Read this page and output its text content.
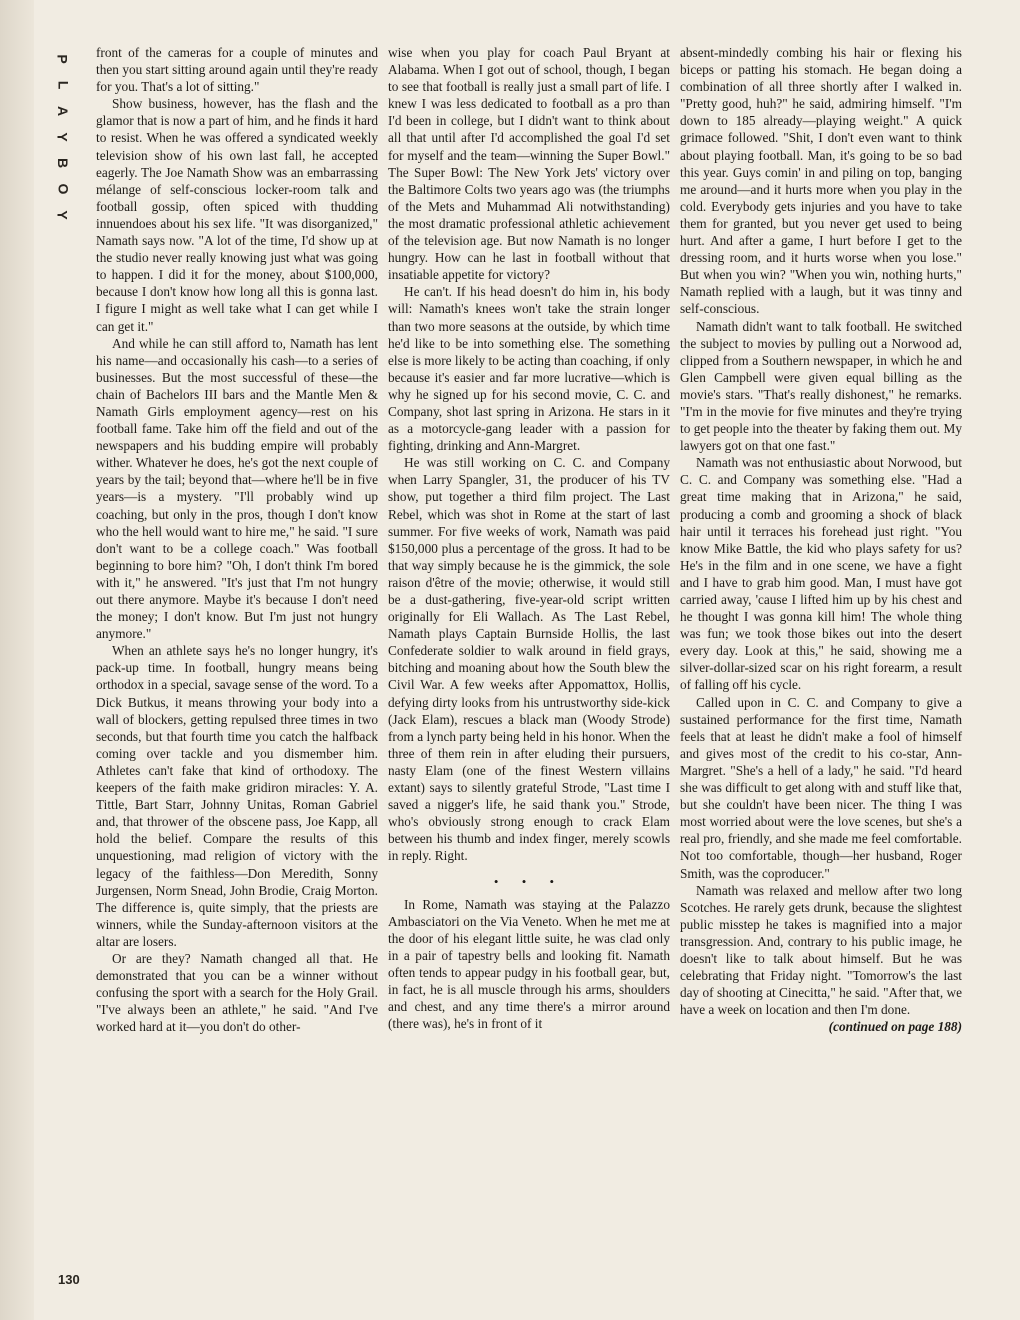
P
L
A
Y
B
O
Y

front of the cameras for a couple of minutes and then you start sitting around again until they're ready for you. That's a lot of sitting."

Show business, however, has the flash and the glamor that is now a part of him, and he finds it hard to resist. When he was offered a syndicated weekly television show of his own last fall, he accepted eagerly. The Joe Namath Show was an embarrassing mélange of self-conscious locker-room talk and football gossip, often spiced with thudding innuendoes about his sex life. "It was disorganized," Namath says now. "A lot of the time, I'd show up at the studio never really knowing just what was going to happen. I did it for the money, about $100,000, because I don't know how long all this is gonna last. I figure I might as well take what I can get while I can get it."

And while he can still afford to, Namath has lent his name—and occasionally his cash—to a series of businesses. But the most successful of these—the chain of Bachelors III bars and the Mantle Men & Namath Girls employment agency—rest on his football fame. Take him off the field and out of the newspapers and his budding empire will probably wither. Whatever he does, he's got the next couple of years by the tail; beyond that—where he'll be in five years—is a mystery. "I'll probably wind up coaching, but only in the pros, though I don't know who the hell would want to hire me," he said. "I sure don't want to be a college coach." Was football beginning to bore him? "Oh, I don't think I'm bored with it," he answered. "It's just that I'm not hungry out there anymore. Maybe it's because I don't need the money; I don't know. But I'm just not hungry anymore."

When an athlete says he's no longer hungry, it's pack-up time. In football, hungry means being orthodox in a special, savage sense of the word. To a Dick Butkus, it means throwing your body into a wall of blockers, getting repulsed three times in two seconds, but that fourth time you catch the halfback coming over tackle and you dismember him. Athletes can't fake that kind of orthodoxy. The keepers of the faith make gridiron miracles: Y. A. Tittle, Bart Starr, Johnny Unitas, Roman Gabriel and, that thrower of the obscene pass, Joe Kapp, all hold the belief. Compare the results of this unquestioning, mad religion of victory with the legacy of the faithless—Don Meredith, Sonny Jurgensen, Norm Snead, John Brodie, Craig Morton. The difference is, quite simply, that the priests are winners, while the Sunday-afternoon visitors at the altar are losers.

Or are they? Namath changed all that. He demonstrated that you can be a winner without confusing the sport with a search for the Holy Grail. "I've always been an athlete," he said. "And I've worked hard at it—you don't do other-

wise when you play for coach Paul Bryant at Alabama. When I got out of school, though, I began to see that football is really just a small part of life. I knew I was less dedicated to football as a pro than I'd been in college, but I didn't want to think about all that until after I'd accomplished the goal I'd set for myself and the team—winning the Super Bowl." The Super Bowl: The New York Jets' victory over the Baltimore Colts two years ago was (the triumphs of the Mets and Muhammad Ali notwithstanding) the most dramatic professional athletic achievement of the television age. But now Namath is no longer hungry. How can he last in football without that insatiable appetite for victory?

He can't. If his head doesn't do him in, his body will: Namath's knees won't take the strain longer than two more seasons at the outside, by which time he'd like to be into something else. The something else is more likely to be acting than coaching, if only because it's easier and far more lucrative—which is why he signed up for his second movie, C. C. and Company, shot last spring in Arizona. He stars in it as a motorcycle-gang leader with a passion for fighting, drinking and Ann-Margret.

He was still working on C. C. and Company when Larry Spangler, 31, the producer of his TV show, put together a third film project. The Last Rebel, which was shot in Rome at the start of last summer. For five weeks of work, Namath was paid $150,000 plus a percentage of the gross. It had to be that way simply because he is the gimmick, the sole raison d'être of the movie; otherwise, it would still be a dust-gathering, five-year-old script written originally for Eli Wallach. As The Last Rebel, Namath plays Captain Burnside Hollis, the last Confederate soldier to walk around in field grays, bitching and moaning about how the South blew the Civil War. A few weeks after Appomattox, Hollis, defying dirty looks from his untrustworthy side-kick (Jack Elam), rescues a black man (Woody Strode) from a lynch party being held in his honor. When the three of them rein in after eluding their pursuers, nasty Elam (one of the finest Western villains extant) says to silently grateful Strode, "Last time I saved a nigger's life, he said thank you." Strode, who's obviously strong enough to crack Elam between his thumb and index finger, merely scowls in reply. Right.

• • •

In Rome, Namath was staying at the Palazzo Ambasciatori on the Via Veneto. When he met me at the door of his elegant little suite, he was clad only in a pair of tapestry bells and looking fit. Namath often tends to appear pudgy in his football gear, but, in fact, he is all muscle through his arms, shoulders and chest, and any time there's a mirror around (there was), he's in front of it

absent-mindedly combing his hair or flexing his biceps or patting his stomach. He began doing a combination of all three shortly after I walked in. "Pretty good, huh?" he said, admiring himself. "I'm down to 185 already—playing weight." A quick grimace followed. "Shit, I don't even want to think about playing football. Man, it's going to be so bad this year. Guys comin' in and piling on top, banging me around—and it hurts more when you play in the cold. Everybody gets injuries and you have to take them for granted, but you never get used to being hurt. And after a game, I hurt before I get to the dressing room, and it hurts worse when you lose." But when you win? "When you win, nothing hurts," Namath replied with a laugh, but it was tinny and self-conscious.

Namath didn't want to talk football. He switched the subject to movies by pulling out a Norwood ad, clipped from a Southern newspaper, in which he and Glen Campbell were given equal billing as the movie's stars. "That's really dishonest," he remarks. "I'm in the movie for five minutes and they're trying to get people into the theater by faking them out. My lawyers got on that one fast."

Namath was not enthusiastic about Norwood, but C. C. and Company was something else. "Had a great time making that in Arizona," he said, producing a comb and grooming a shock of black hair until it terraces his forehead just right. "You know Mike Battle, the kid who plays safety for us? He's in the film and in one scene, we have a fight and I have to grab him good. Man, I must have got carried away, 'cause I lifted him up by his chest and he thought I was gonna kill him! The whole thing was fun; we took those bikes out into the desert every day. Look at this," he said, showing me a silver-dollar-sized scar on his right forearm, a result of falling off his cycle.

Called upon in C. C. and Company to give a sustained performance for the first time, Namath feels that at least he didn't make a fool of himself and gives most of the credit to his co-star, Ann-Margret. "She's a hell of a lady," he said. "I'd heard she was difficult to get along with and stuff like that, but she couldn't have been nicer. The thing I was most worried about were the love scenes, but she's a real pro, friendly, and she made me feel comfortable. Not too comfortable, though—her husband, Roger Smith, was the coproducer."

Namath was relaxed and mellow after two long Scotches. He rarely gets drunk, because the slightest public misstep he takes is magnified into a major transgression. And, contrary to his public image, he doesn't like to talk about himself. But he was celebrating that Friday night. "Tomorrow's the last day of shooting at Cinecitta," he said. "After that, we have a week on location and then I'm done.

(continued on page 188)

130
